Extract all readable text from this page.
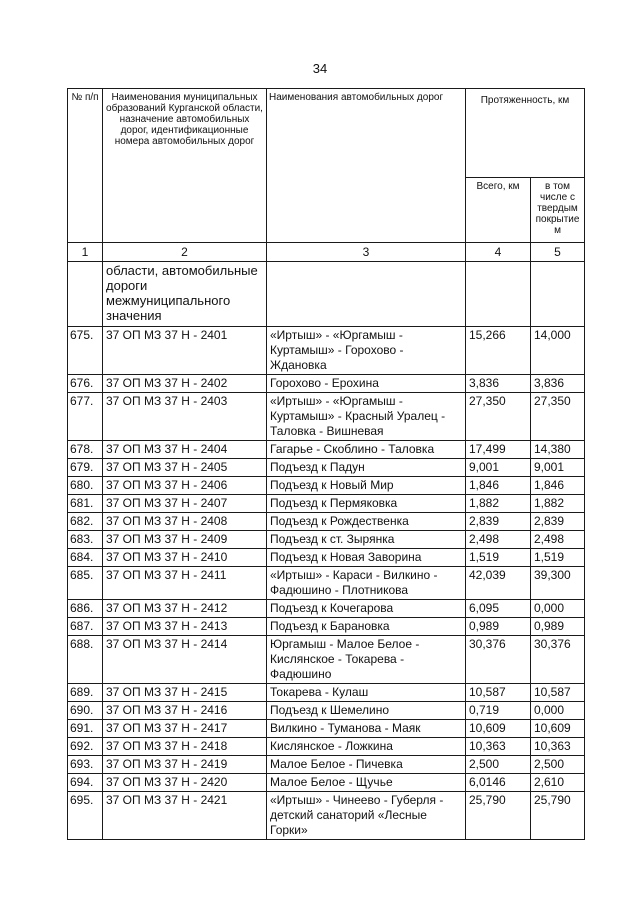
34
№ п/п	Наименования муниципальных образований Курганской области, назначение автомобильных дорог, идентификационные номера автомобильных дорог	Наименования автомобильных дорог	Протяженность, км	
			Всего, км	в том числе с твердым покрытием
1	2	3	4	5
	области, автомобильные дороги межмуниципального значения			
675.	37 ОП МЗ 37 Н - 2401	«Иртыш» - «Юргамыш - Куртамыш» - Горохово - Ждановка	15,266	14,000
676.	37 ОП МЗ 37 Н - 2402	Горохово - Ерохина	3,836	3,836
677.	37 ОП МЗ 37 Н - 2403	«Иртыш» - «Юргамыш - Куртамыш» - Красный Уралец - Таловка - Вишневая	27,350	27,350
678.	37 ОП МЗ 37 Н - 2404	Гагарье - Скоблино - Таловка	17,499	14,380
679.	37 ОП МЗ 37 Н - 2405	Подъезд к Падун	9,001	9,001
680.	37 ОП МЗ 37 Н - 2406	Подъезд к Новый Мир	1,846	1,846
681.	37 ОП МЗ 37 Н - 2407	Подъезд к Пермяковка	1,882	1,882
682.	37 ОП МЗ 37 Н - 2408	Подъезд к Рождественка	2,839	2,839
683.	37 ОП МЗ 37 Н - 2409	Подъезд к ст. Зырянка	2,498	2,498
684.	37 ОП МЗ 37 Н - 2410	Подъезд к Новая Заворина	1,519	1,519
685.	37 ОП МЗ 37 Н - 2411	«Иртыш» - Караси - Вилкино - Фадюшино - Плотникова	42,039	39,300
686.	37 ОП МЗ 37 Н - 2412	Подъезд к Кочегарова	6,095	0,000
687.	37 ОП МЗ 37 Н - 2413	Подъезд к Барановка	0,989	0,989
688.	37 ОП МЗ 37 Н - 2414	Юргамыш - Малое Белое - Кислянское - Токарева - Фадюшино	30,376	30,376
689.	37 ОП МЗ 37 Н - 2415	Токарева - Кулаш	10,587	10,587
690.	37 ОП МЗ 37 Н - 2416	Подъезд к Шемелино	0,719	0,000
691.	37 ОП МЗ 37 Н - 2417	Вилкино - Туманова - Маяк	10,609	10,609
692.	37 ОП МЗ 37 Н - 2418	Кислянское - Ложкина	10,363	10,363
693.	37 ОП МЗ 37 Н - 2419	Малое Белое - Пичевка	2,500	2,500
694.	37 ОП МЗ 37 Н - 2420	Малое Белое - Щучье	6,0146	2,610
695.	37 ОП МЗ 37 Н - 2421	«Иртыш» - Чинеево - Губерля - детский санаторий «Лесные Горки»	25,790	25,790
